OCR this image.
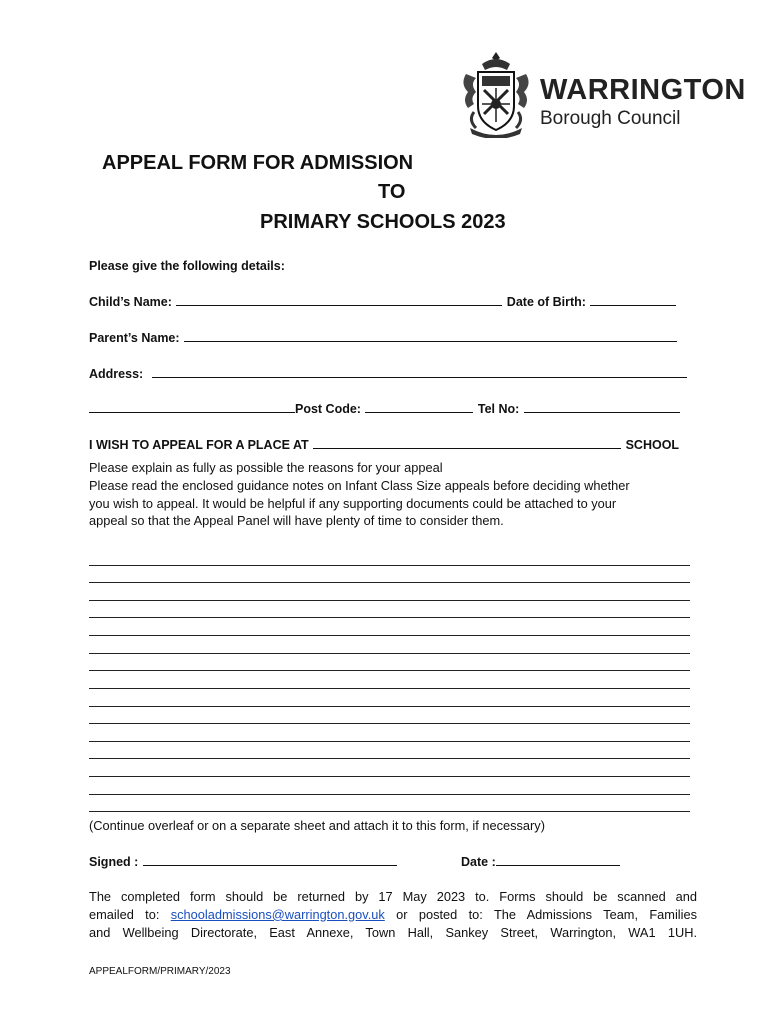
WARRINGTON
Borough Council
APPEAL FORM FOR ADMISSION
TO
PRIMARY SCHOOLS 2023
Please give the following details:
Child’s Name:	Date of Birth:
Parent’s Name:
Address:
Post Code:	Tel No:
I WISH TO APPEAL FOR A PLACE AT	SCHOOL
Please explain as fully as possible the reasons for your appeal
Please read the enclosed guidance notes on Infant Class Size appeals before deciding whether
you wish to appeal. It would be helpful if any supporting documents could be attached to your
appeal so that the Appeal Panel will have plenty of time to consider them.
(Continue overleaf or on a separate sheet and attach it to this form, if necessary)
Signed :	Date :
The completed form should be returned by 17 May 2023 to. Forms should be scanned and
emailed to: schooladmissions@warrington.gov.uk or posted to: The Admissions Team, Families
and Wellbeing Directorate, East Annexe, Town Hall, Sankey Street, Warrington, WA1 1UH.
APPEALFORM/PRIMARY/2023
